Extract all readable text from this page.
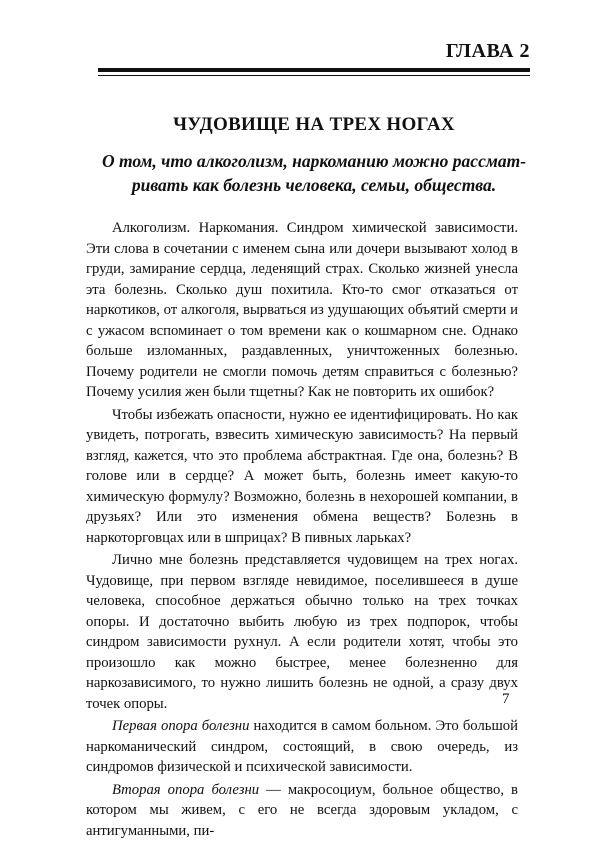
ГЛАВА 2
ЧУДОВИЩЕ НА ТРЕХ НОГАХ
О том, что алкоголизм, наркоманию можно рассмат-
ривать как болезнь человека, семьи, общества.

Алкоголизм. Наркомания. Синдром химической зависимости. Эти слова в сочетании с именем сына или дочери вызывают холод в груди, замирание сердца, леденящий страх. Сколько жизней унесла эта болезнь. Сколько душ похитила. Кто-то смог отказаться от наркотиков, от алкоголя, вырваться из удушающих объятий смерти и с ужасом вспоминает о том времени как о кошмарном сне. Однако больше изломанных, раздавленных, уничтоженных болезнью. Почему родители не смогли помочь детям справиться с болезнью? Почему усилия жен были тщетны? Как не повторить их ошибок?

Чтобы избежать опасности, нужно ее идентифицировать. Но как увидеть, потрогать, взвесить химическую зависимость? На первый взгляд, кажется, что это проблема абстрактная. Где она, болезнь? В голове или в сердце? А может быть, болезнь имеет какую-то химическую формулу? Возможно, болезнь в нехорошей компании, в друзьях? Или это изменения обмена веществ? Болезнь в наркоторговцах или в шприцах? В пивных ларьках?

Лично мне болезнь представляется чудовищем на трех ногах. Чудовище, при первом взгляде невидимое, поселившееся в душе человека, способное держаться обычно только на трех точках опоры. И достаточно выбить любую из трех подпорок, чтобы синдром зависимости рухнул. А если родители хотят, чтобы это произошло как можно быстрее, менее болезненно для наркозависимого, то нужно лишить болезнь не одной, а сразу двух точек опоры.

Первая опора болезни находится в самом больном. Это большой наркоманический синдром, состоящий, в свою очередь, из синдромов физической и психической зависимости.

Вторая опора болезни — макросоциум, больное общество, в котором мы живем, с его не всегда здоровым укладом, с антигуманными, пи-

7
